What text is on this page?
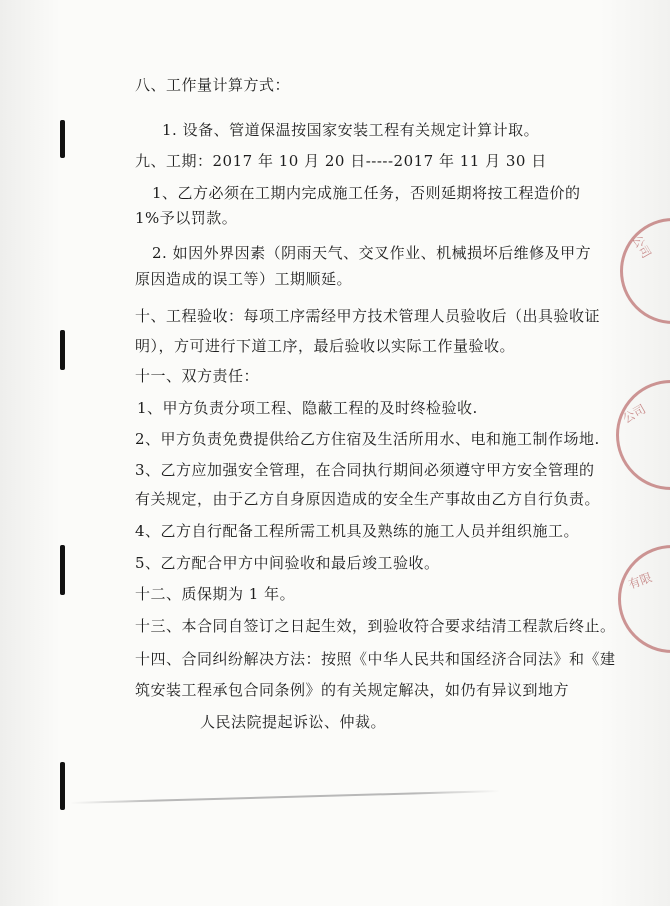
八、工作量计算方式：
1. 设备、管道保温按国家安装工程有关规定计算计取。
九、工期：2017 年 10 月 20 日-----2017 年 11 月 30 日
1、乙方必须在工期内完成施工任务，否则延期将按工程造价的
1%予以罚款。
2. 如因外界因素（阴雨天气、交叉作业、机械损坏后维修及甲方
原因造成的误工等）工期顺延。
十、工程验收：每项工序需经甲方技术管理人员验收后（出具验收证
明），方可进行下道工序，最后验收以实际工作量验收。
十一、双方责任：
1、甲方负责分项工程、隐蔽工程的及时终检验收.
2、甲方负责免费提供给乙方住宿及生活所用水、电和施工制作场地.
3、乙方应加强安全管理，在合同执行期间必须遵守甲方安全管理的
有关规定，由于乙方自身原因造成的安全生产事故由乙方自行负责。
4、乙方自行配备工程所需工机具及熟练的施工人员并组织施工。
5、乙方配合甲方中间验收和最后竣工验收。
十二、质保期为 1 年。
十三、本合同自签订之日起生效，到验收符合要求结清工程款后终止。
十四、合同纠纷解决方法：按照《中华人民共和国经济合同法》和《建
筑安装工程承包合同条例》的有关规定解决，如仍有异议到地方
人民法院提起诉讼、仲裁。
公司
公司
有限
